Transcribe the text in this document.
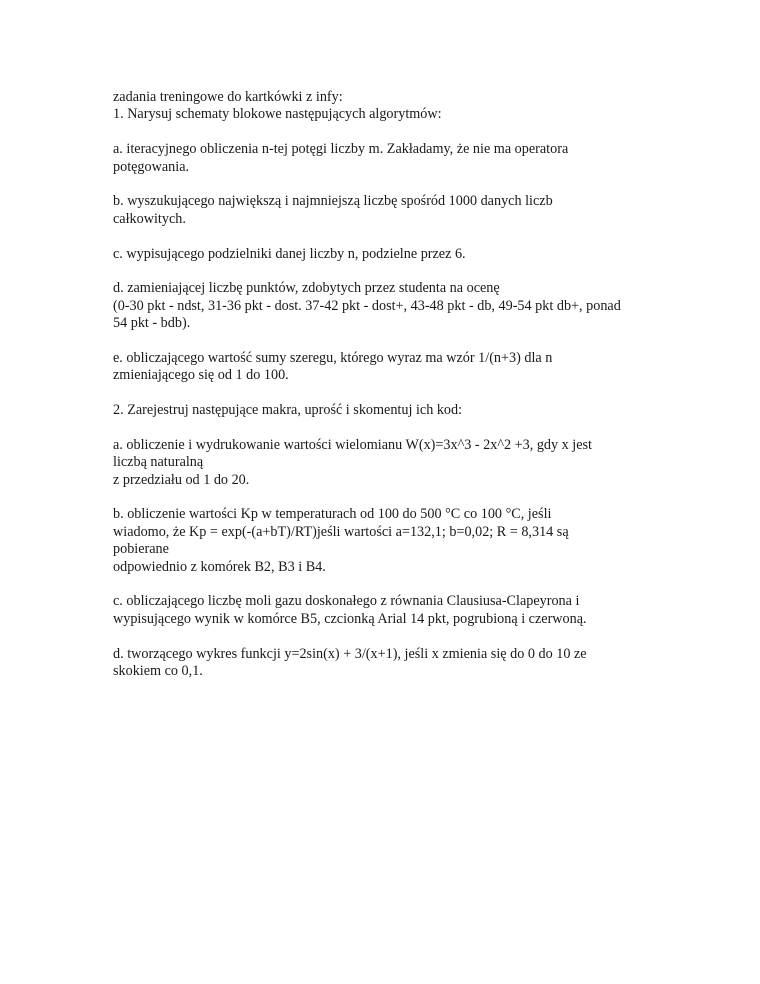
zadania treningowe do kartkówki z infy:
1. Narysuj schematy blokowe następujących algorytmów:
a. iteracyjnego obliczenia n-tej potęgi liczby m. Zakładamy, że nie ma operatora
potęgowania.
b. wyszukującego największą i najmniejszą liczbę spośród 1000 danych liczb
całkowitych.
c. wypisującego podzielniki danej liczby n, podzielne przez 6.
d. zamieniającej liczbę punktów, zdobytych przez studenta na ocenę
(0-30 pkt - ndst, 31-36 pkt - dost. 37-42 pkt - dost+, 43-48 pkt - db, 49-54 pkt db+, ponad
54 pkt - bdb).
e. obliczającego wartość sumy szeregu, którego wyraz ma wzór 1/(n+3) dla n
zmieniającego się od 1 do 100.
2. Zarejestruj następujące makra, uprość i skomentuj ich kod:
a. obliczenie i wydrukowanie wartości wielomianu W(x)=3x^3 - 2x^2 +3, gdy x jest
liczbą naturalną
z przedziału od 1 do 20.
b. obliczenie wartości Kp w temperaturach od 100 do 500 °C co 100 °C, jeśli
wiadomo, że Kp = exp(-(a+bT)/RT)jeśli wartości a=132,1; b=0,02; R = 8,314 są
pobierane
odpowiednio z komórek B2, B3 i B4.
c. obliczającego liczbę moli gazu doskonałego z równania Clausiusa-Clapeyrona i
wypisującego wynik w komórce B5, czcionką Arial 14 pkt, pogrubioną i czerwoną.
d. tworzącego wykres funkcji y=2sin(x) + 3/(x+1), jeśli x zmienia się do 0 do 10 ze
skokiem co 0,1.
